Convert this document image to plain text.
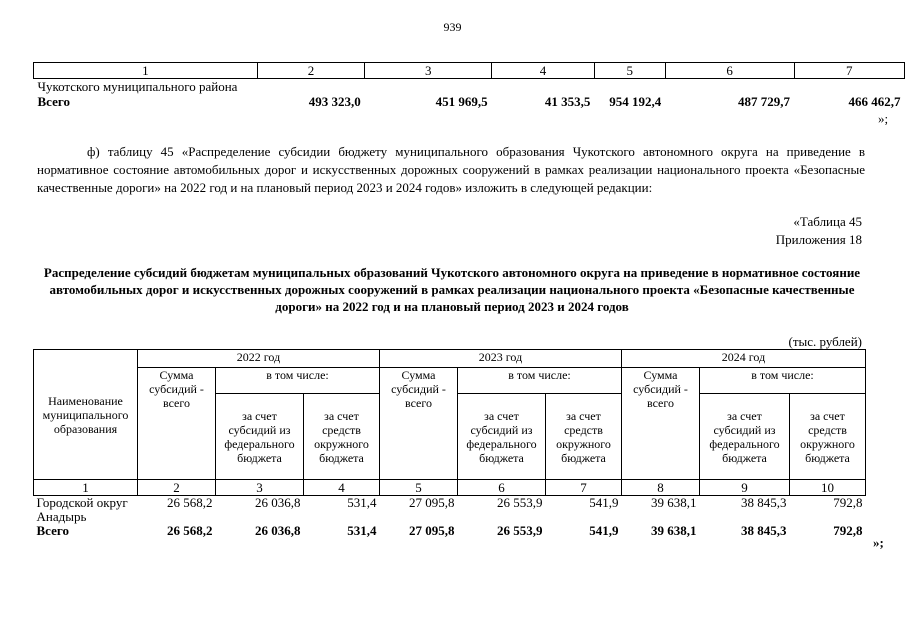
939
1	2	3	4	5	6	7
Чукотского муниципального района						
Всего	493 323,0	451 969,5	41 353,5	954 192,4	487 729,7	466 462,7
»;

ф) таблицу 45 «Распределение субсидии бюджету муниципального образования Чукотского автономного округа на приведение в нормативное состояние автомобильных дорог и искусственных дорожных сооружений в рамках реализации национального проекта «Безопасные качественные дороги» на 2022 год и на плановый период 2023 и 2024 годов» изложить в следующей редакции:

«Таблица 45
Приложения 18

Распределение субсидий бюджетам муниципальных образований Чукотского автономного округа на приведение в нормативное состояние автомобильных дорог и искусственных дорожных сооружений в рамках реализации национального проекта «Безопасные качественные дороги» на 2022 год и на плановый период 2023 и 2024 годов

(тыс. рублей)
Наименование муниципального образования	2022 год			2023 год			2024 год		
	Сумма субсидий - всего	в том числе:		Сумма субсидий - всего	в том числе:		Сумма субсидий - всего	в том числе:	
		за счет субсидий из федерального бюджета	за счет средств окружного бюджета		за счет субсидий из федерального бюджета	за счет средств окружного бюджета		за счет субсидий из федерального бюджета	за счет средств окружного бюджета
1	2	3	4	5	6	7	8	9	10
Городской округ Анадырь	26 568,2	26 036,8	531,4	27 095,8	26 553,9	541,9	39 638,1	38 845,3	792,8
Всего	26 568,2	26 036,8	531,4	27 095,8	26 553,9	541,9	39 638,1	38 845,3	792,8
»;
